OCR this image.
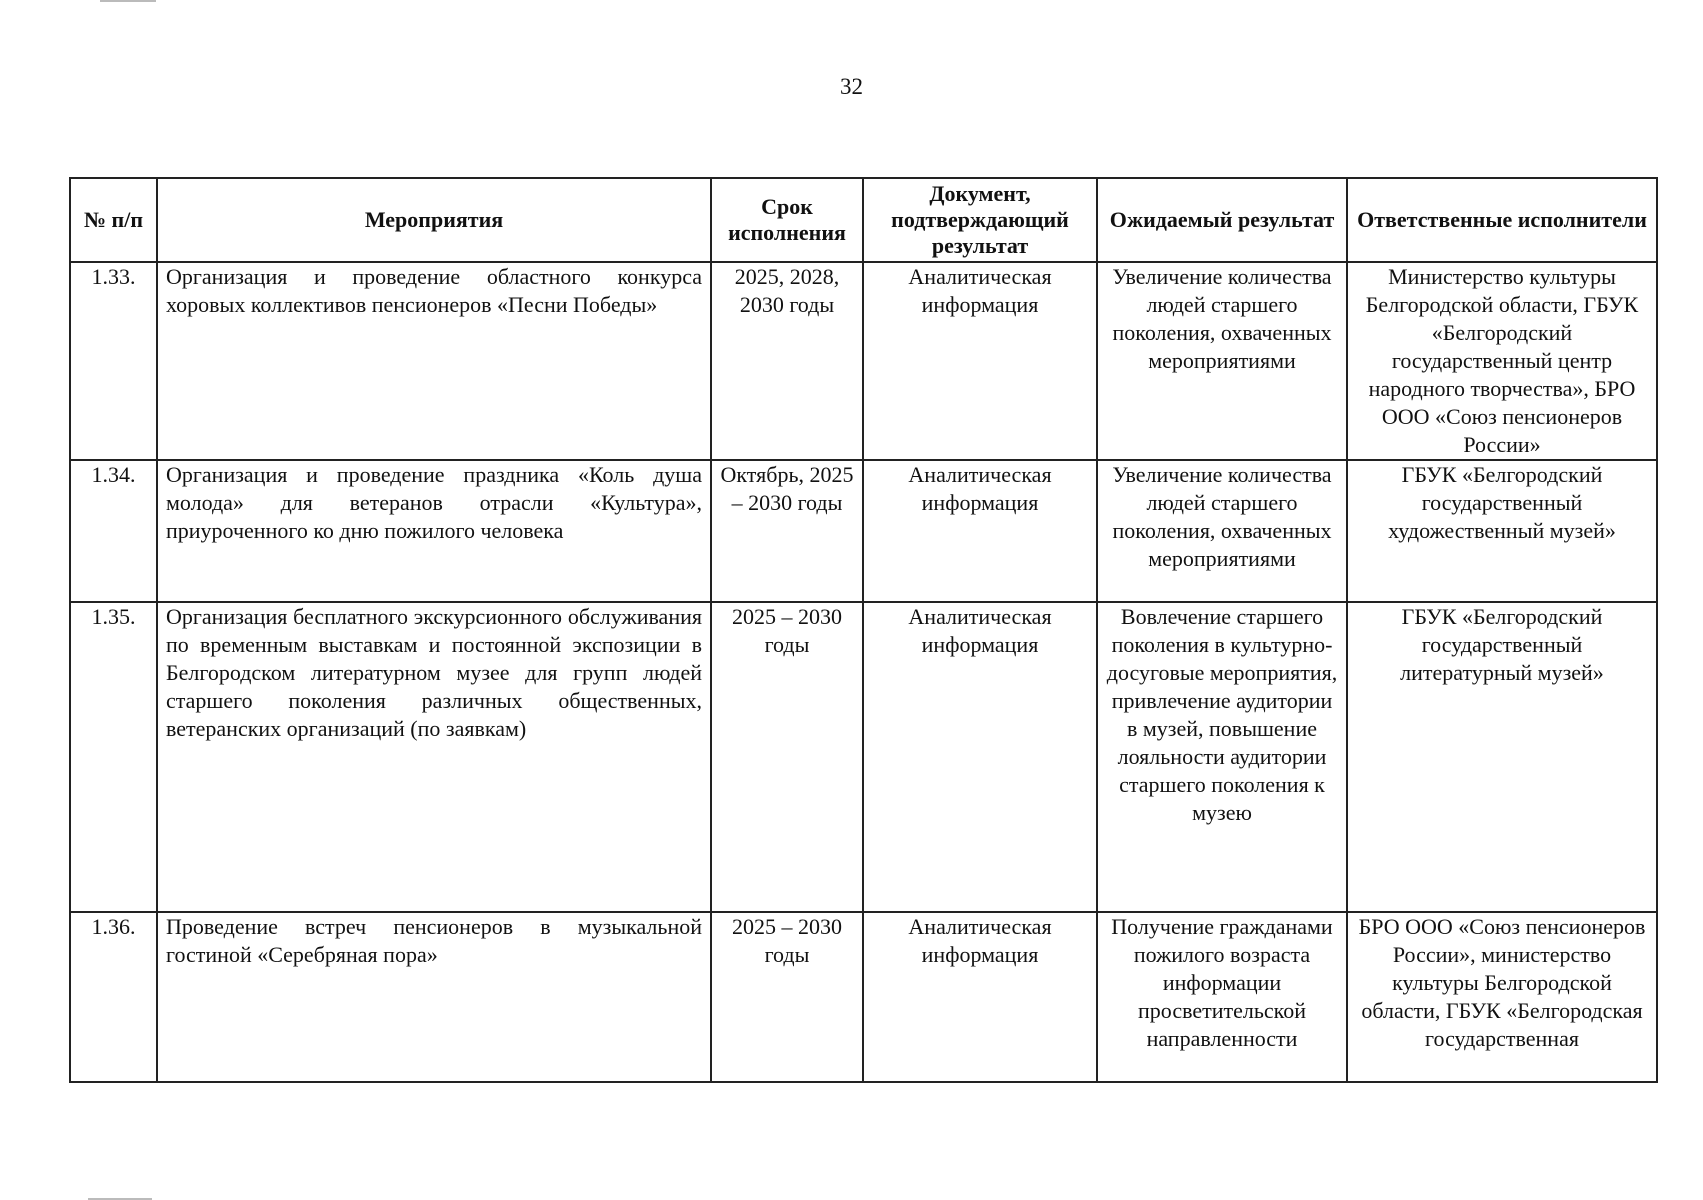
32
№ п/п	Мероприятия	Срок исполнения	Документ, подтверждающий результат	Ожидаемый результат	Ответственные исполнители
1.33.	Организация и проведение областного конкурса хоровых коллективов пенсионеров «Песни Победы»	2025, 2028, 2030 годы	Аналитическая информация	Увеличение количества людей старшего поколения, охваченных мероприятиями	Министерство культуры Белгородской области, ГБУК «Белгородский государственный центр народного творчества», БРО ООО «Союз пенсионеров России»
1.34.	Организация и проведение праздника «Коль душа молода» для ветеранов отрасли «Культура», приуроченного ко дню пожилого человека	Октябрь, 2025 – 2030 годы	Аналитическая информация	Увеличение количества людей старшего поколения, охваченных мероприятиями	ГБУК «Белгородский государственный художественный музей»
1.35.	Организация бесплатного экскурсионного обслуживания по временным выставкам и постоянной экспозиции в Белгородском литературном музее для групп людей старшего поколения различных общественных, ветеранских организаций (по заявкам)	2025 – 2030 годы	Аналитическая информация	Вовлечение старшего поколения в культурно-досуговые мероприятия, привлечение аудитории в музей, повышение лояльности аудитории старшего поколения к музею	ГБУК «Белгородский государственный литературный музей»
1.36.	Проведение встреч пенсионеров в музыкальной гостиной «Серебряная пора»	2025 – 2030 годы	Аналитическая информация	Получение гражданами пожилого возраста информации просветительской направленности	БРО ООО «Союз пенсионеров России», министерство культуры Белгородской области, ГБУК «Белгородская государственная
